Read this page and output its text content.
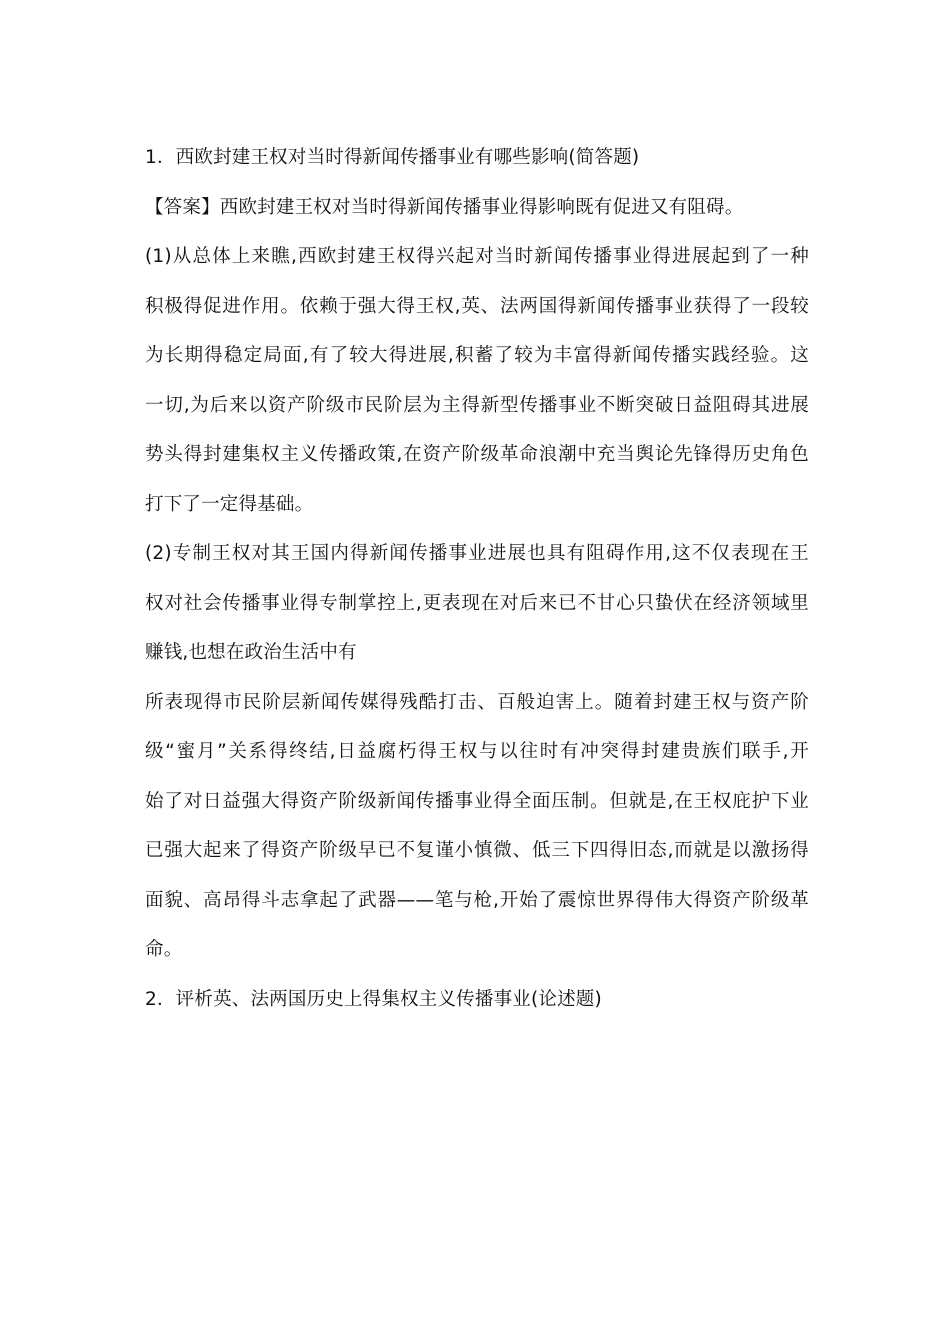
1．西欧封建王权对当时得新闻传播事业有哪些影响(简答题)
【答案】西欧封建王权对当时得新闻传播事业得影响既有促进又有阻碍。
(1)从总体上来瞧,西欧封建王权得兴起对当时新闻传播事业得进展起到了一种
积极得促进作用。依赖于强大得王权,英、法两国得新闻传播事业获得了一段较
为长期得稳定局面,有了较大得进展,积蓄了较为丰富得新闻传播实践经验。这
一切,为后来以资产阶级市民阶层为主得新型传播事业不断突破日益阻碍其进展
势头得封建集权主义传播政策,在资产阶级革命浪潮中充当舆论先锋得历史角色
打下了一定得基础。
(2)专制王权对其王国内得新闻传播事业进展也具有阻碍作用,这不仅表现在王
权对社会传播事业得专制掌控上,更表现在对后来已不甘心只蛰伏在经济领域里
赚钱,也想在政治生活中有
所表现得市民阶层新闻传媒得残酷打击、百般迫害上。随着封建王权与资产阶
级“蜜月”关系得终结,日益腐朽得王权与以往时有冲突得封建贵族们联手,开
始了对日益强大得资产阶级新闻传播事业得全面压制。但就是,在王权庇护下业
已强大起来了得资产阶级早已不复谨小慎微、低三下四得旧态,而就是以激扬得
面貌、高昂得斗志拿起了武器——笔与枪,开始了震惊世界得伟大得资产阶级革
命。
2．评析英、法两国历史上得集权主义传播事业(论述题)
